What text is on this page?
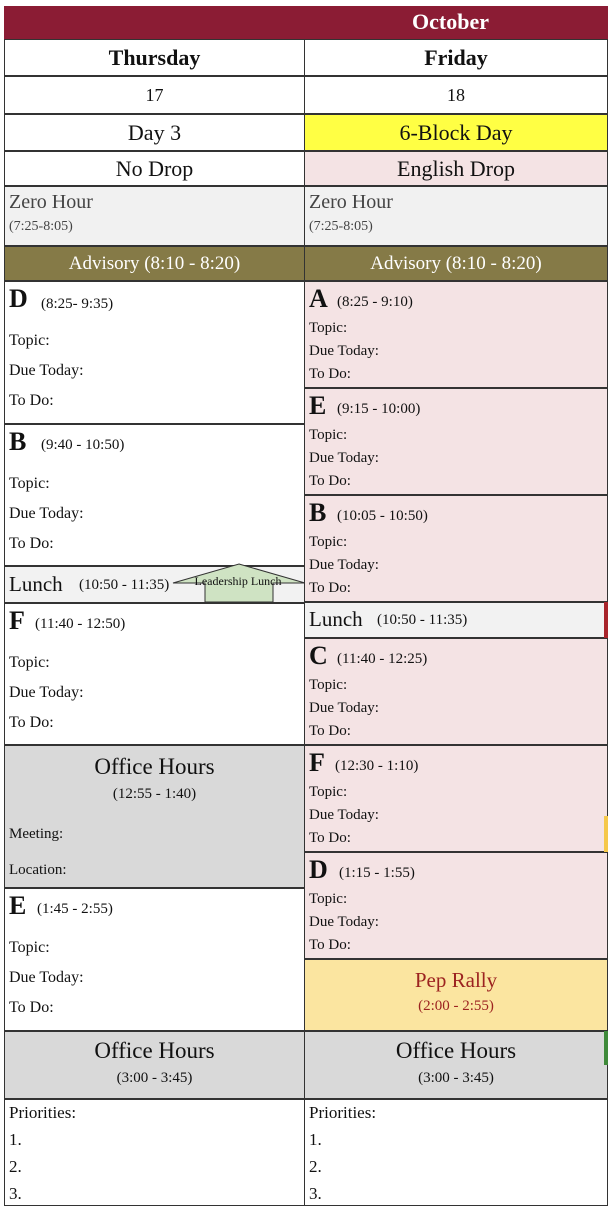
October
Thursday
17
Day 3
No Drop
Zero Hour
(7:25-8:05)
Advisory (8:10 - 8:20)
D (8:25- 9:35)
Topic:
Due Today:
To Do:
B (9:40 - 10:50)
Topic:
Due Today:
To Do:
Lunch (10:50 - 11:35) Leadership Lunch
F (11:40 - 12:50)
Topic:
Due Today:
To Do:
Office Hours
(12:55 - 1:40)
Meeting:
Location:
E (1:45 - 2:55)
Topic:
Due Today:
To Do:
Office Hours
(3:00 - 3:45)
Priorities:
1.
2.
3.
Friday
18
6-Block Day
English Drop
Zero Hour
(7:25-8:05)
Advisory (8:10 - 8:20)
A (8:25 - 9:10)
Topic:
Due Today:
To Do:
E (9:15 - 10:00)
Topic:
Due Today:
To Do:
B (10:05 - 10:50)
Topic:
Due Today:
To Do:
Lunch (10:50 - 11:35)
C (11:40 - 12:25)
Topic:
Due Today:
To Do:
F (12:30 - 1:10)
Topic:
Due Today:
To Do:
D (1:15 - 1:55)
Topic:
Due Today:
To Do:
Pep Rally
(2:00 - 2:55)
Office Hours
(3:00 - 3:45)
Priorities:
1.
2.
3.
